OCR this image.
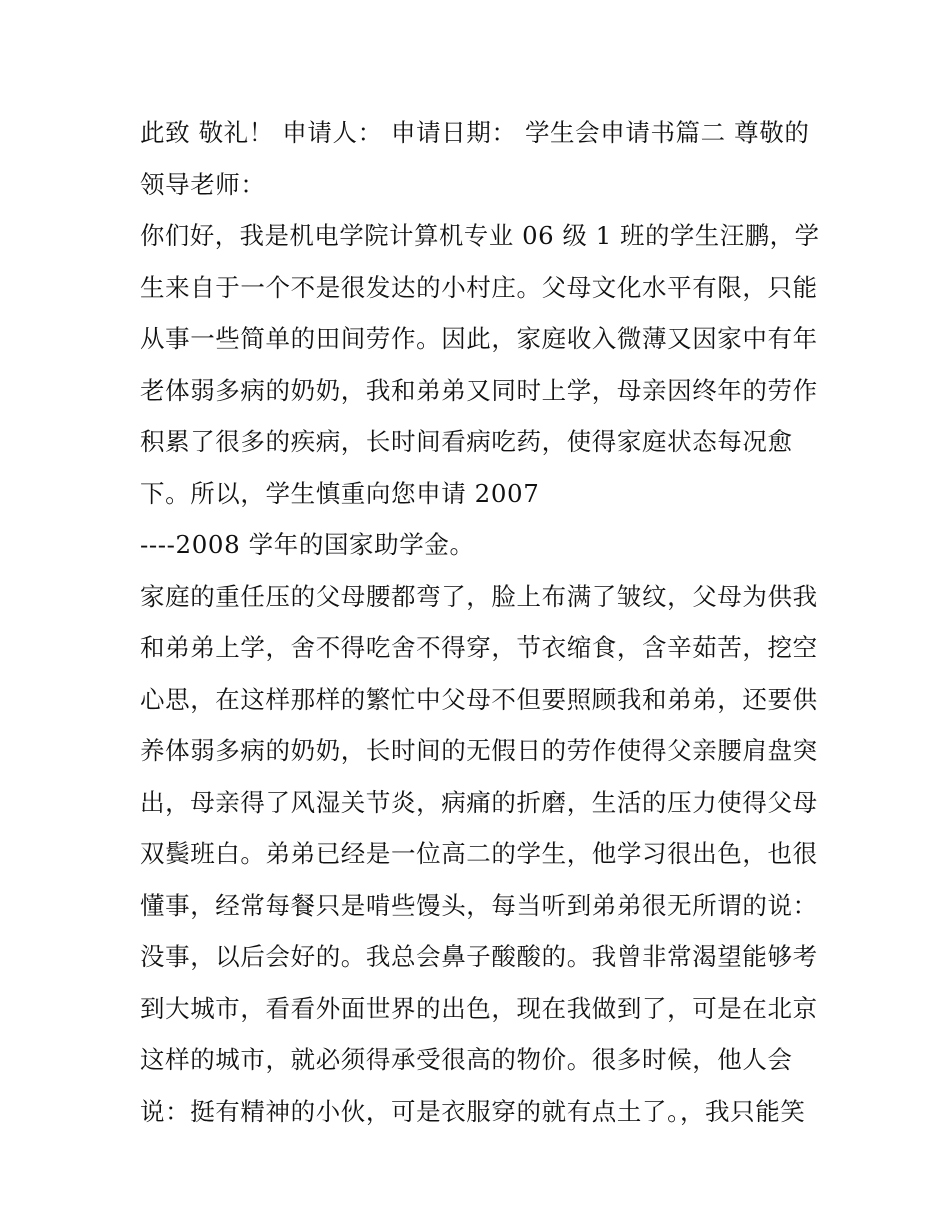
此致 敬礼！ 申请人： 申请日期： 学生会申请书篇二 尊敬的
领导老师：
你们好，我是机电学院计算机专业 06 级 1 班的学生汪鹏，学
生来自于一个不是很发达的小村庄。父母文化水平有限，只能
从事一些简单的田间劳作。因此，家庭收入微薄又因家中有年
老体弱多病的奶奶，我和弟弟又同时上学，母亲因终年的劳作
积累了很多的疾病，长时间看病吃药，使得家庭状态每况愈
下。所以，学生慎重向您申请 2007
----2008 学年的国家助学金。
家庭的重任压的父母腰都弯了，脸上布满了皱纹，父母为供我
和弟弟上学，舍不得吃舍不得穿，节衣缩食，含辛茹苦，挖空
心思，在这样那样的繁忙中父母不但要照顾我和弟弟，还要供
养体弱多病的奶奶，长时间的无假日的劳作使得父亲腰肩盘突
出，母亲得了风湿关节炎，病痛的折磨，生活的压力使得父母
双鬓班白。弟弟已经是一位高二的学生，他学习很出色，也很
懂事，经常每餐只是啃些馒头，每当听到弟弟很无所谓的说：
没事，以后会好的。我总会鼻子酸酸的。我曾非常渴望能够考
到大城市，看看外面世界的出色，现在我做到了，可是在北京
这样的城市，就必须得承受很高的物价。很多时候，他人会
说：挺有精神的小伙，可是衣服穿的就有点土了。，我只能笑
